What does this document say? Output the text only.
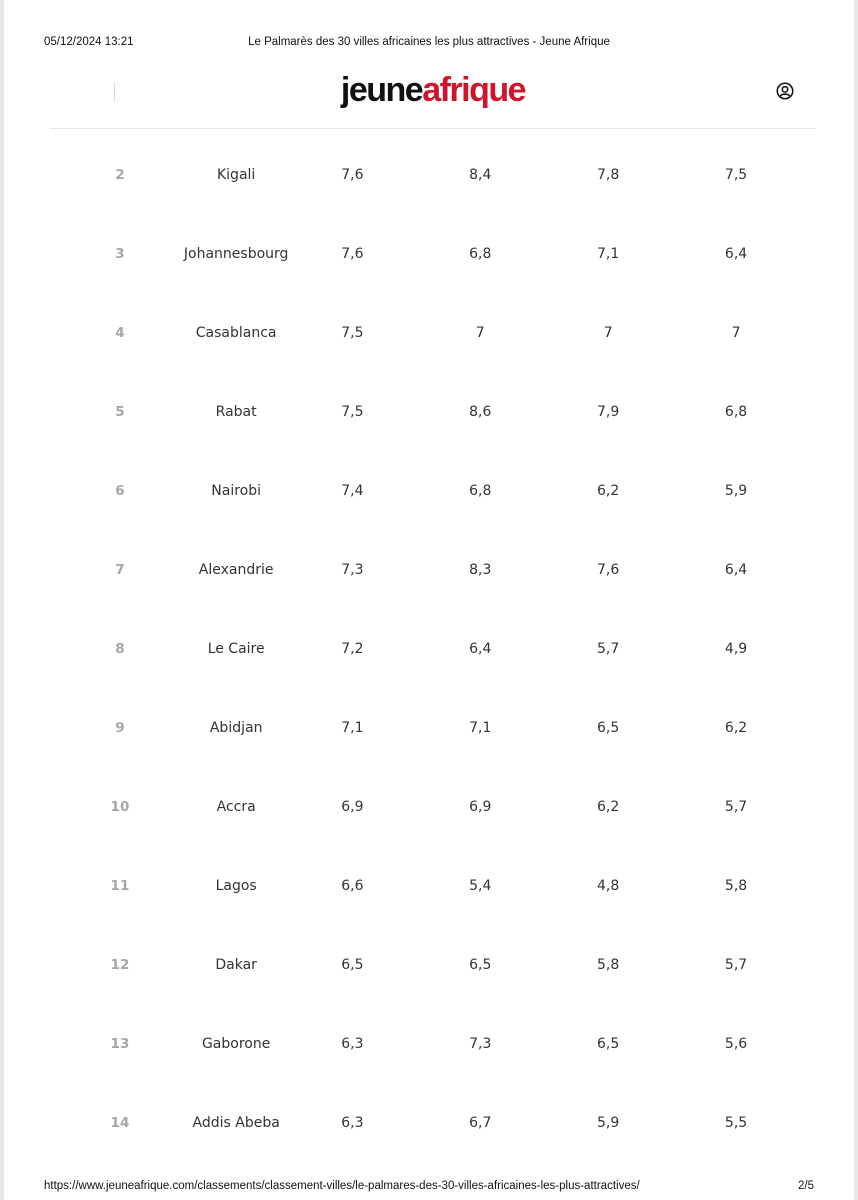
05/12/2024 13:21	Le Palmarès des 30 villes africaines les plus attractives - Jeune Afrique
jeuneafrique
2	Kigali	7,6	8,4	7,8	7,5
3	Johannesbourg	7,6	6,8	7,1	6,4
4	Casablanca	7,5	7	7	7
5	Rabat	7,5	8,6	7,9	6,8
6	Nairobi	7,4	6,8	6,2	5,9
7	Alexandrie	7,3	8,3	7,6	6,4
8	Le Caire	7,2	6,4	5,7	4,9
9	Abidjan	7,1	7,1	6,5	6,2
10	Accra	6,9	6,9	6,2	5,7
11	Lagos	6,6	5,4	4,8	5,8
12	Dakar	6,5	6,5	5,8	5,7
13	Gaborone	6,3	7,3	6,5	5,6
14	Addis Abeba	6,3	6,7	5,9	5,5
https://www.jeuneafrique.com/classements/classement-villes/le-palmares-des-30-villes-africaines-les-plus-attractives/	2/5
